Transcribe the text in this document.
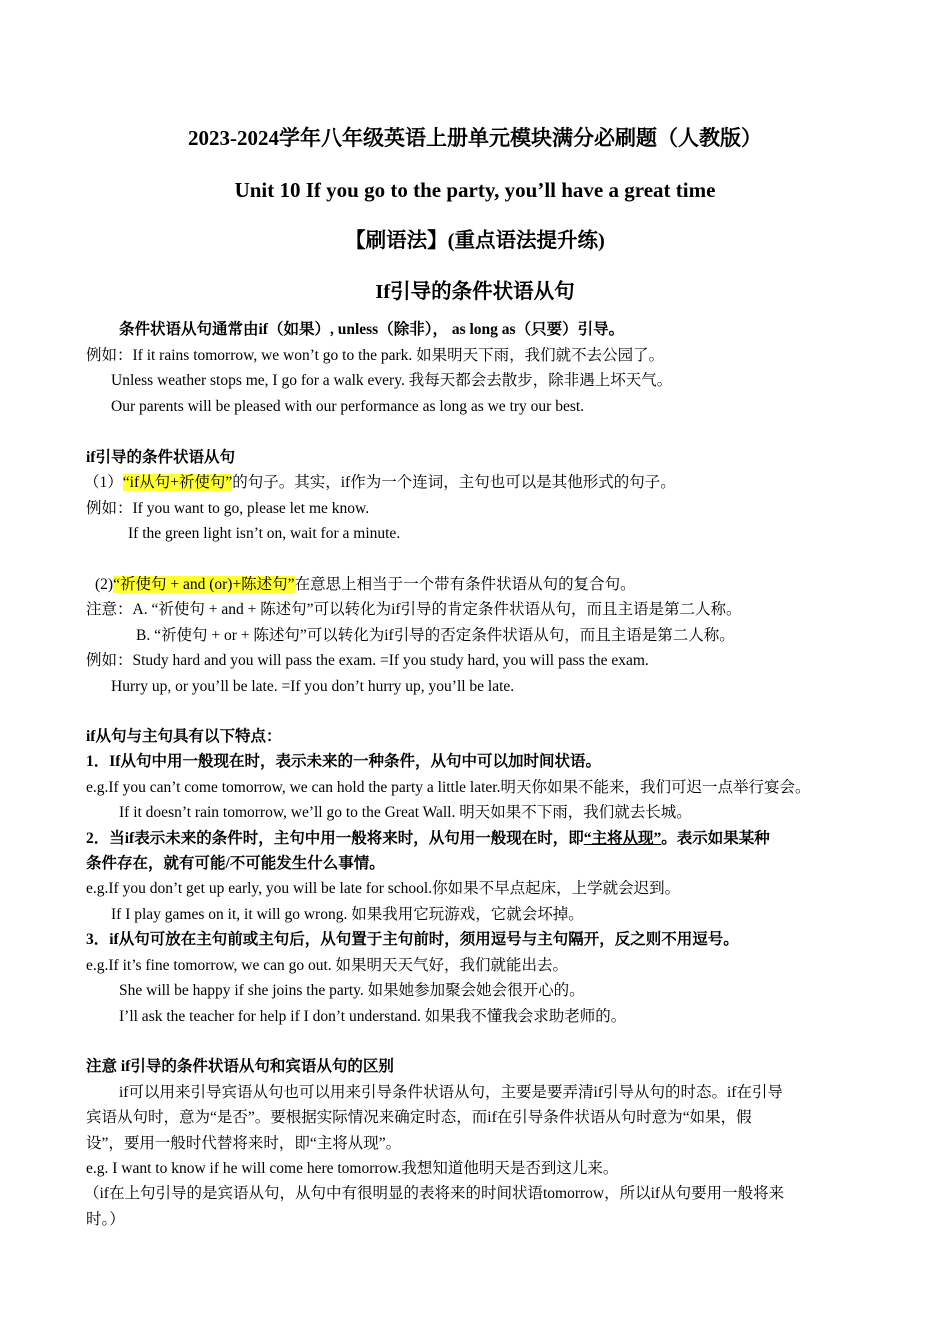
2023-2024学年八年级英语上册单元模块满分必刷题（人教版）
Unit 10 If you go to the party, you’ll have a great time
【刷语法】(重点语法提升练)
If引导的条件状语从句
条件状语从句通常由if（如果）, unless（除非）， as long as（只要）引导。
例如：If it rains tomorrow, we won’t go to the park. 如果明天下雨，我们就不去公园了。
Unless weather stops me, I go for a walk every. 我每天都会去散步，除非遇上坏天气。
Our parents will be pleased with our performance as long as we try our best.
if引导的条件状语从句
（1）“if从句+祈使句”的句子。其实，if作为一个连词，主句也可以是其他形式的句子。
例如：If you want to go, please let me know.
If the green light isn’t on, wait for a minute.
(2)“祈使句 + and (or)+陈述句”在意思上相当于一个带有条件状语从句的复合句。
注意：A. “祈使句 + and + 陈述句”可以转化为if引导的肯定条件状语从句，而且主语是第二人称。
B. “祈使句 + or + 陈述句”可以转化为if引导的否定条件状语从句，而且主语是第二人称。
例如：Study hard and you will pass the exam. =If you study hard, you will pass the exam.
Hurry up, or you’ll be late. =If you don’t hurry up, you’ll be late.
if从句与主句具有以下特点：
1．If从句中用一般现在时，表示未来的一种条件，从句中可以加时间状语。
e.g.If you can’t come tomorrow, we can hold the party a little later.明天你如果不能来，我们可迟一点举行宴会。
If it doesn’t rain tomorrow, we’ll go to the Great Wall. 明天如果不下雨，我们就去长城。
2．当if表示未来的条件时，主句中用一般将来时，从句用一般现在时，即“主将从现”。表示如果某种
条件存在，就有可能/不可能发生什么事情。
e.g.If you don’t get up early, you will be late for school.你如果不早点起床，上学就会迟到。
If I play games on it, it will go wrong. 如果我用它玩游戏，它就会坏掉。
3．if从句可放在主句前或主句后，从句置于主句前时，须用逗号与主句隔开，反之则不用逗号。
e.g.If it’s fine tomorrow, we can go out. 如果明天天气好，我们就能出去。
She will be happy if she joins the party. 如果她参加聚会她会很开心的。
I’ll ask the teacher for help if I don’t understand. 如果我不懂我会求助老师的。
注意 if引导的条件状语从句和宾语从句的区别
if可以用来引导宾语从句也可以用来引导条件状语从句，主要是要弄清if引导从句的时态。if在引导
宾语从句时，意为“是否”。要根据实际情况来确定时态，而if在引导条件状语从句时意为“如果，假
设”，要用一般时代替将来时，即“主将从现”。
e.g. I want to know if he will come here tomorrow.我想知道他明天是否到这儿来。
（if在上句引导的是宾语从句，从句中有很明显的表将来的时间状语tomorrow，所以if从句要用一般将来
时。）
